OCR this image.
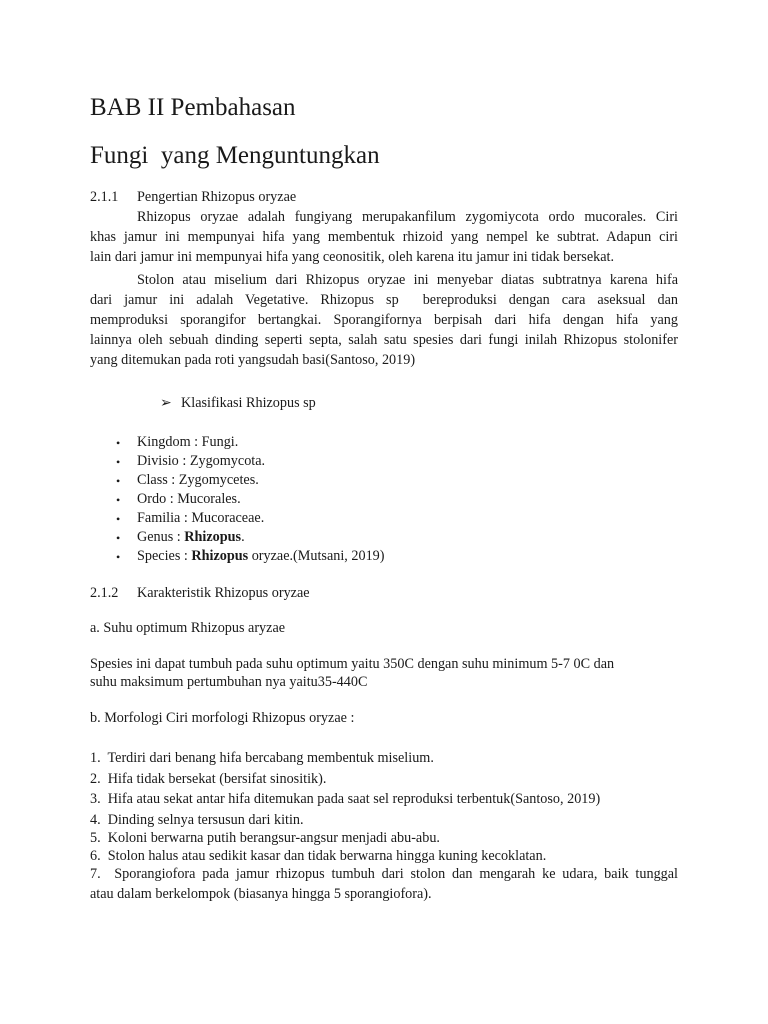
BAB II Pembahasan
Fungi  yang Menguntungkan
2.1.1 Pengertian Rhizopus oryzae
Rhizopus oryzae adalah fungiyang merupakanfilum zygomiycota ordo mucorales. Ciri
khas jamur ini mempunyai hifa yang membentuk rhizoid yang nempel ke subtrat. Adapun ciri
lain dari jamur ini mempunyai hifa yang ceonositik, oleh karena itu jamur ini tidak bersekat.
Stolon atau miselium dari Rhizopus oryzae ini menyebar diatas subtratnya karena hifa
dari jamur ini adalah Vegetative. Rhizopus sp  bereproduksi dengan cara aseksual dan
memproduksi sporangifor bertangkai. Sporangifornya berpisah dari hifa dengan hifa yang
lainnya oleh sebuah dinding seperti septa, salah satu spesies dari fungi inilah Rhizopus stolonifer
yang ditemukan pada roti yangsudah basi(Santoso, 2019)
➢ Klasifikasi Rhizopus sp
• Kingdom : Fungi.
• Divisio : Zygomycota.
• Class : Zygomycetes.
• Ordo : Mucorales.
• Familia : Mucoraceae.
• Genus : Rhizopus.
• Species : Rhizopus oryzae.(Mutsani, 2019)
2.1.2 Karakteristik Rhizopus oryzae
a. Suhu optimum Rhizopus aryzae
Spesies ini dapat tumbuh pada suhu optimum yaitu 350C dengan suhu minimum 5-7 0C dan
suhu maksimum pertumbuhan nya yaitu35-440C
b. Morfologi Ciri morfologi Rhizopus oryzae :
1.  Terdiri dari benang hifa bercabang membentuk miselium.
2.  Hifa tidak bersekat (bersifat sinositik).
3.  Hifa atau sekat antar hifa ditemukan pada saat sel reproduksi terbentuk(Santoso, 2019)
4.  Dinding selnya tersusun dari kitin.
5.  Koloni berwarna putih berangsur-angsur menjadi abu-abu.
6.  Stolon halus atau sedikit kasar dan tidak berwarna hingga kuning kecoklatan.
7.  Sporangiofora pada jamur rhizopus tumbuh dari stolon dan mengarah ke udara, baik tunggal
atau dalam berkelompok (biasanya hingga 5 sporangiofora).
